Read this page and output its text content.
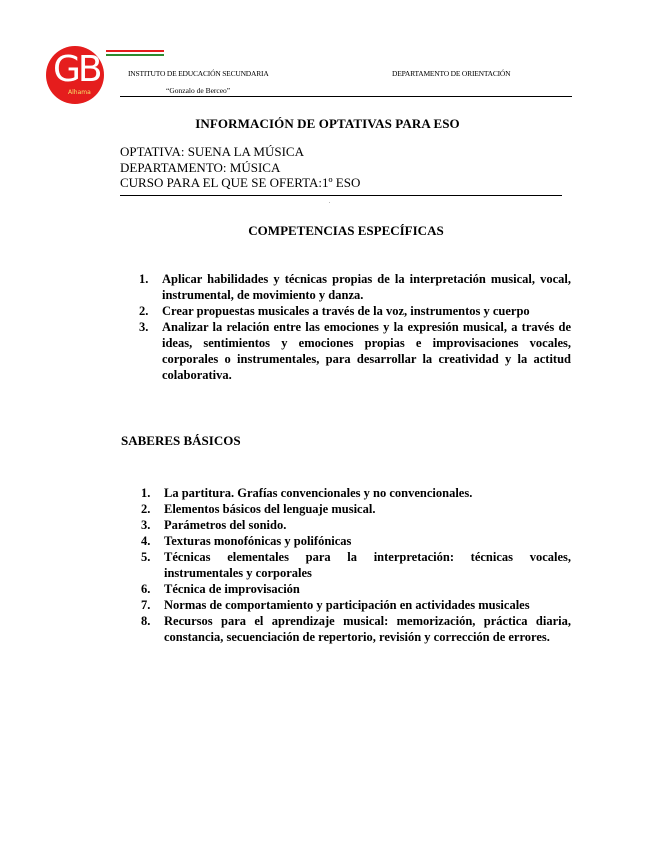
GB
Alhama
INSTITUTO DE EDUCACIÓN SECUNDARIA	DEPARTAMENTO DE ORIENTACIÓN
“Gonzalo de Berceo”
INFORMACIÓN DE OPTATIVAS PARA ESO
OPTATIVA: SUENA LA MÚSICA
DEPARTAMENTO: MÚSICA
CURSO PARA EL QUE SE OFERTA:1º ESO
.
COMPETENCIAS ESPECÍFICAS
1. Aplicar habilidades y técnicas propias de la interpretación musical, vocal, instrumental, de movimiento y danza.
2. Crear propuestas musicales a través de la voz, instrumentos y cuerpo
3. Analizar la relación entre las emociones y la expresión musical, a través de ideas, sentimientos y emociones propias e improvisaciones vocales, corporales o instrumentales, para desarrollar la creatividad y la actitud colaborativa.
SABERES BÁSICOS
1. La partitura. Grafías convencionales y no convencionales.
2. Elementos básicos del lenguaje musical.
3. Parámetros del sonido.
4. Texturas monofónicas y polifónicas
5. Técnicas elementales para la interpretación: técnicas vocales, instrumentales y corporales
6. Técnica de improvisación
7. Normas de comportamiento y participación en actividades musicales
8. Recursos para el aprendizaje musical: memorización, práctica diaria, constancia, secuenciación de repertorio, revisión y corrección de errores.
